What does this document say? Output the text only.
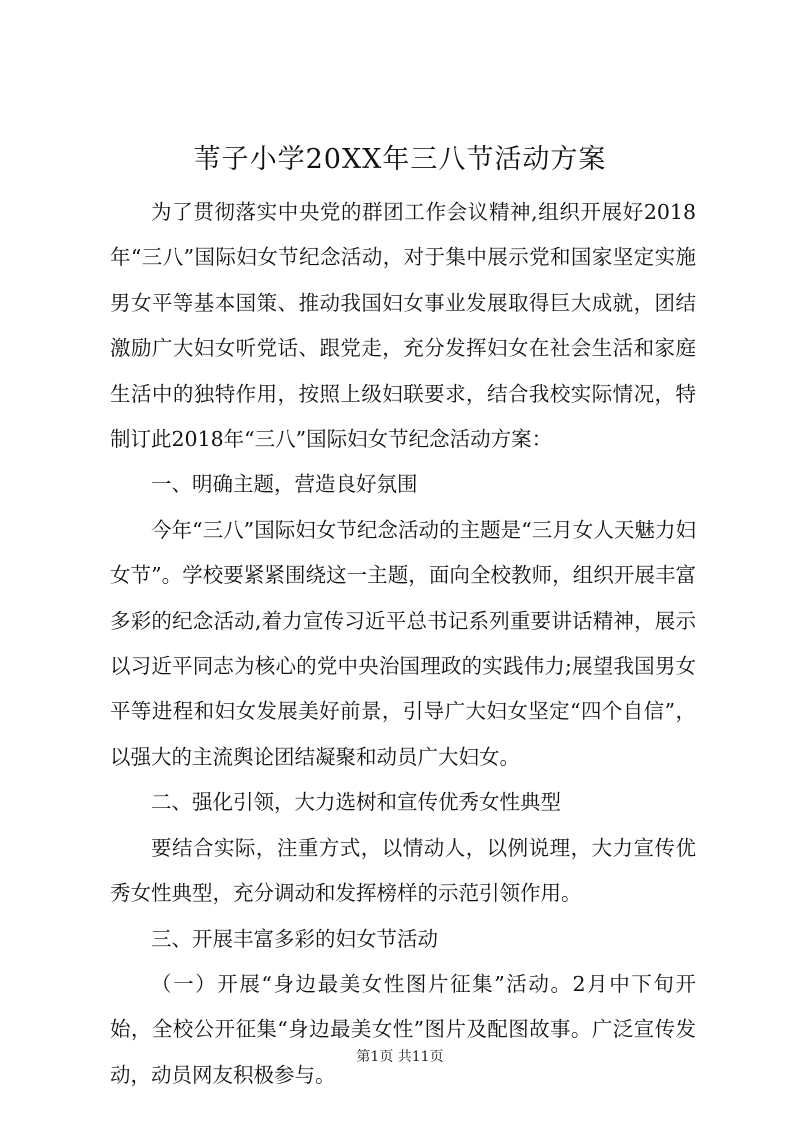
苇子小学20XX年三八节活动方案

为了贯彻落实中央党的群团工作会议精神,组织开展好2018年“三八”国际妇女节纪念活动，对于集中展示党和国家坚定实施男女平等基本国策、推动我国妇女事业发展取得巨大成就，团结激励广大妇女听党话、跟党走，充分发挥妇女在社会生活和家庭生活中的独特作用，按照上级妇联要求，结合我校实际情况，特制订此2018年“三八”国际妇女节纪念活动方案：

一、明确主题，营造良好氛围

今年“三八”国际妇女节纪念活动的主题是“三月女人天魅力妇女节”。学校要紧紧围绕这一主题，面向全校教师，组织开展丰富多彩的纪念活动,着力宣传习近平总书记系列重要讲话精神，展示以习近平同志为核心的党中央治国理政的实践伟力;展望我国男女平等进程和妇女发展美好前景，引导广大妇女坚定“四个自信”，以强大的主流舆论团结凝聚和动员广大妇女。

二、强化引领，大力选树和宣传优秀女性典型

要结合实际，注重方式，以情动人，以例说理，大力宣传优秀女性典型，充分调动和发挥榜样的示范引领作用。

三、开展丰富多彩的妇女节活动

（一）开展“身边最美女性图片征集”活动。2月中下旬开始，全校公开征集“身边最美女性”图片及配图故事。广泛宣传发动，动员网友积极参与。

第1页 共11页
